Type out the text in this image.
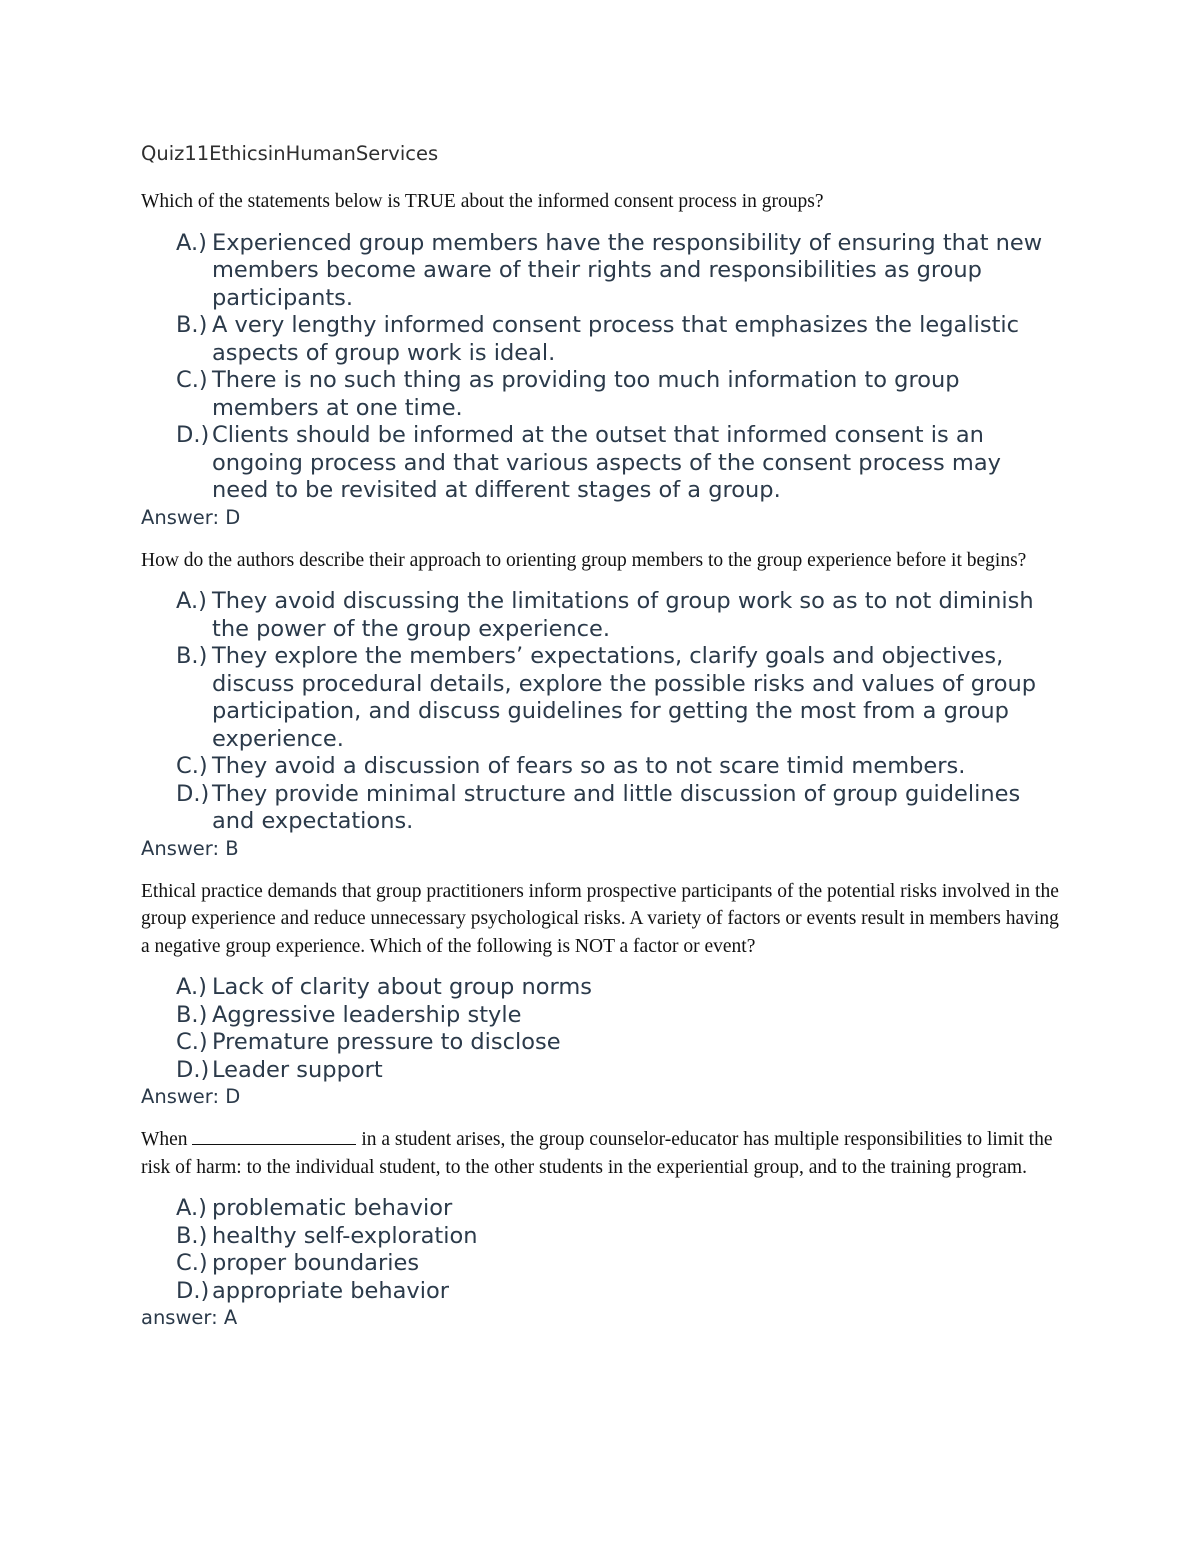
Quiz11EthicsinHumanServices

Which of the statements below is TRUE about the informed consent process in groups?

A.) Experienced group members have the responsibility of ensuring that new members become aware of their rights and responsibilities as group participants.
B.) A very lengthy informed consent process that emphasizes the legalistic aspects of group work is ideal.
C.) There is no such thing as providing too much information to group members at one time.
D.) Clients should be informed at the outset that informed consent is an ongoing process and that various aspects of the consent process may need to be revisited at different stages of a group.

Answer: D

How do the authors describe their approach to orienting group members to the group experience before it begins?

A.) They avoid discussing the limitations of group work so as to not diminish the power of the group experience.
B.) They explore the members’ expectations, clarify goals and objectives, discuss procedural details, explore the possible risks and values of group participation, and discuss guidelines for getting the most from a group experience.
C.) They avoid a discussion of fears so as to not scare timid members.
D.) They provide minimal structure and little discussion of group guidelines and expectations.

Answer: B

Ethical practice demands that group practitioners inform prospective participants of the potential risks involved in the group experience and reduce unnecessary psychological risks. A variety of factors or events result in members having a negative group experience. Which of the following is NOT a factor or event?

A.) Lack of clarity about group norms
B.) Aggressive leadership style
C.) Premature pressure to disclose
D.) Leader support

Answer: D

When	in a student arises, the group counselor-educator has multiple responsibilities to limit the risk of harm: to the individual student, to the other students in the experiential group, and to the training program.

A.) problematic behavior
B.) healthy self-exploration
C.) proper boundaries
D.) appropriate behavior

answer: A
